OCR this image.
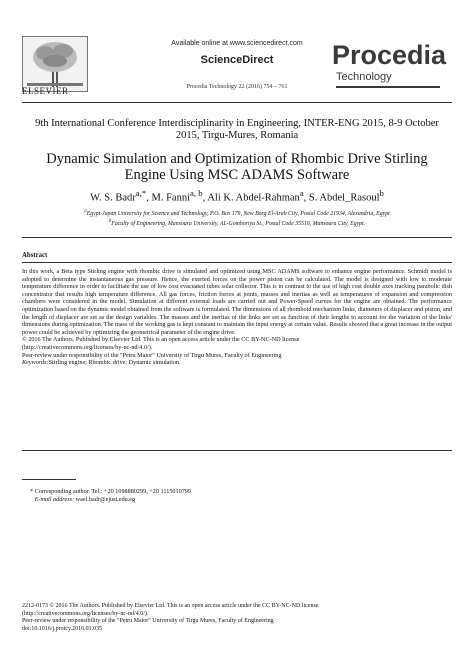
ELSEVIER
Available online at www.sciencedirect.com
ScienceDirect
Procedia Technology 22 (2016) 754 – 761
Procedia
Technology
9th International Conference Interdisciplinarity in Engineering, INTER-ENG 2015, 8-9 October
2015, Tirgu-Mures, Romania
Dynamic Simulation and Optimization of Rhombic Drive Stirling
Engine Using MSC ADAMS Software
W. S. Badr$^{a,*}$, M. Fanni$^{a, b}$, Ali K. Abdel-Rahman$^a$, S. Abdel_Rasoul$^b$
$^a$Egypt-Japan University for Science and Technology, P.O. Box 179, New Borg El-Arab City, Postal Code 21934, Alexandria, Egypt
$^b$Faculty of Engineering, Mansoura University, AL-Gomhoriya St., Postal Code 35516, Mansoura City, Egypt.
Abstract

In this work, a Beta type Stirling engine with rhombic drive is simulated and optimized using MSC ADAMS software to enhance engine performance. Schmidt model is adopted to determine the instantaneous gas pressure. Hence, the exerted forces on the power piston can be calculated. The model is designed with low to moderate temperature difference in order to facilitate the use of low cost evacuated tubes solar collector. This is in contrast to the use of high cost double axes tracking parabolic dish concentrator that results high temperature difference. All gas forces, friction forces at joints, masses and inertias as well as temperatures of expansion and compression chambers were considered in the model. Simulation at different external loads are carried out and Power-Speed curves for the engine are obtained. The performance optimization based on the dynamic model obtained from the software is formulated. The dimensions of all rhomboid mechanism links, diameters of displacer and piston, and the length of displacer are set as the design variables. The masses and the inertias of the links are set as function of their lengths to account for the variation of the links' dimensions during optimization. The mass of the working gas is kept constant to maintain the input energy at certain value. Results showed that a great increase in the output power could be achieved by optimizing the geometrical parameter of the engine drive.

© 2016 The Authors. Published by Elsevier Ltd. This is an open access article under the CC BY-NC-ND license

(http://creativecommons.org/licenses/by-nc-nd/4.0/).

Peer-review under responsibility of the "Petru Maior" University of Tirgu Mures, Faculty of Engineering

Keywords:Stirling engine; Rhombic drive; Dynamic simulation.

* Corresponding author. Tel.: +20 1098880299, +20 1115010799

E-mail address: wael.badr@ejust.edu.eg

2212-0173 © 2016 The Authors. Published by Elsevier Ltd. This is an open access article under the CC BY-NC-ND license

(http://creativecommons.org/licenses/by-nc-nd/4.0/).

Peer-review under responsibility of the "Petru Maior" University of Tirgu Mures, Faculty of Engineering

doi:10.1016/j.protcy.2016.01.035
